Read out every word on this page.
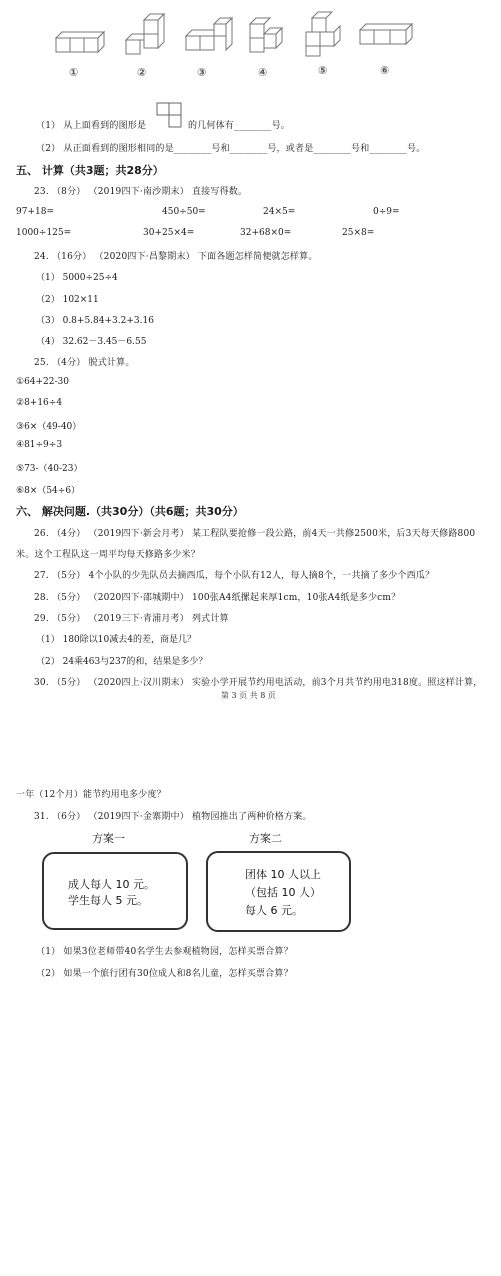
①	②	③	④	⑤	⑥
（1） 从上面看到的图形是	的几何体有________号。
（2） 从正面看到的图形相同的是________号和________号，或者是________号和________号。
五、 计算（共3题；共28分）
23. （8分） （2019四下·南沙期末） 直接写得数。
97+18=	450÷50=	24×5=	0÷9=
1000÷125=	30+25×4=	32+68×0=	25×8=
24. （16分） （2020四下·昌黎期末） 下面各题怎样简便就怎样算。
（1） 5000÷25÷4
（2） 102×11
（3） 0.8+5.84+3.2+3.16
（4） 32.62－3.45－6.55
25. （4分） 脱式计算。
①64+22-30
②8+16÷4
③6×（49-40）
④81÷9÷3
⑤73-（40-23）
⑥8×（54÷6）
六、 解决问题.（共30分）（共6题；共30分）
26. （4分） （2019四下·新会月考） 某工程队要抢修一段公路，前4天一共修2500米，后3天每天修路800
米。这个工程队这一周平均每天修路多少米？
27. （5分） 4个小队的少先队员去摘西瓜，每个小队有12人，每人摘8个，一共摘了多少个西瓜？
28. （5分） （2020四下·邵城期中） 100张A4纸摞起来厚1cm，10张A4纸是多少cm？
29. （5分） （2019三下·青浦月考） 列式计算
（1） 180除以10减去4的差，商是几？
（2） 24乘463与237的和，结果是多少？
30. （5分） （2020四上·汉川期末） 实验小学开展节约用电活动，前3个月共节约用电318度。照这样计算，
第 3 页 共 8 页
一年（12个月）能节约用电多少度？
31. （6分） （2019四下·金寨期中） 植物园推出了两种价格方案。
方案一
成人每人 10 元。
学生每人 5 元。
方案二
团体 10 人以上
（包括 10 人）
每人 6 元。
（1） 如果3位老师带40名学生去参观植物园，怎样买票合算？
（2） 如果一个旅行团有30位成人和8名儿童，怎样买票合算？
